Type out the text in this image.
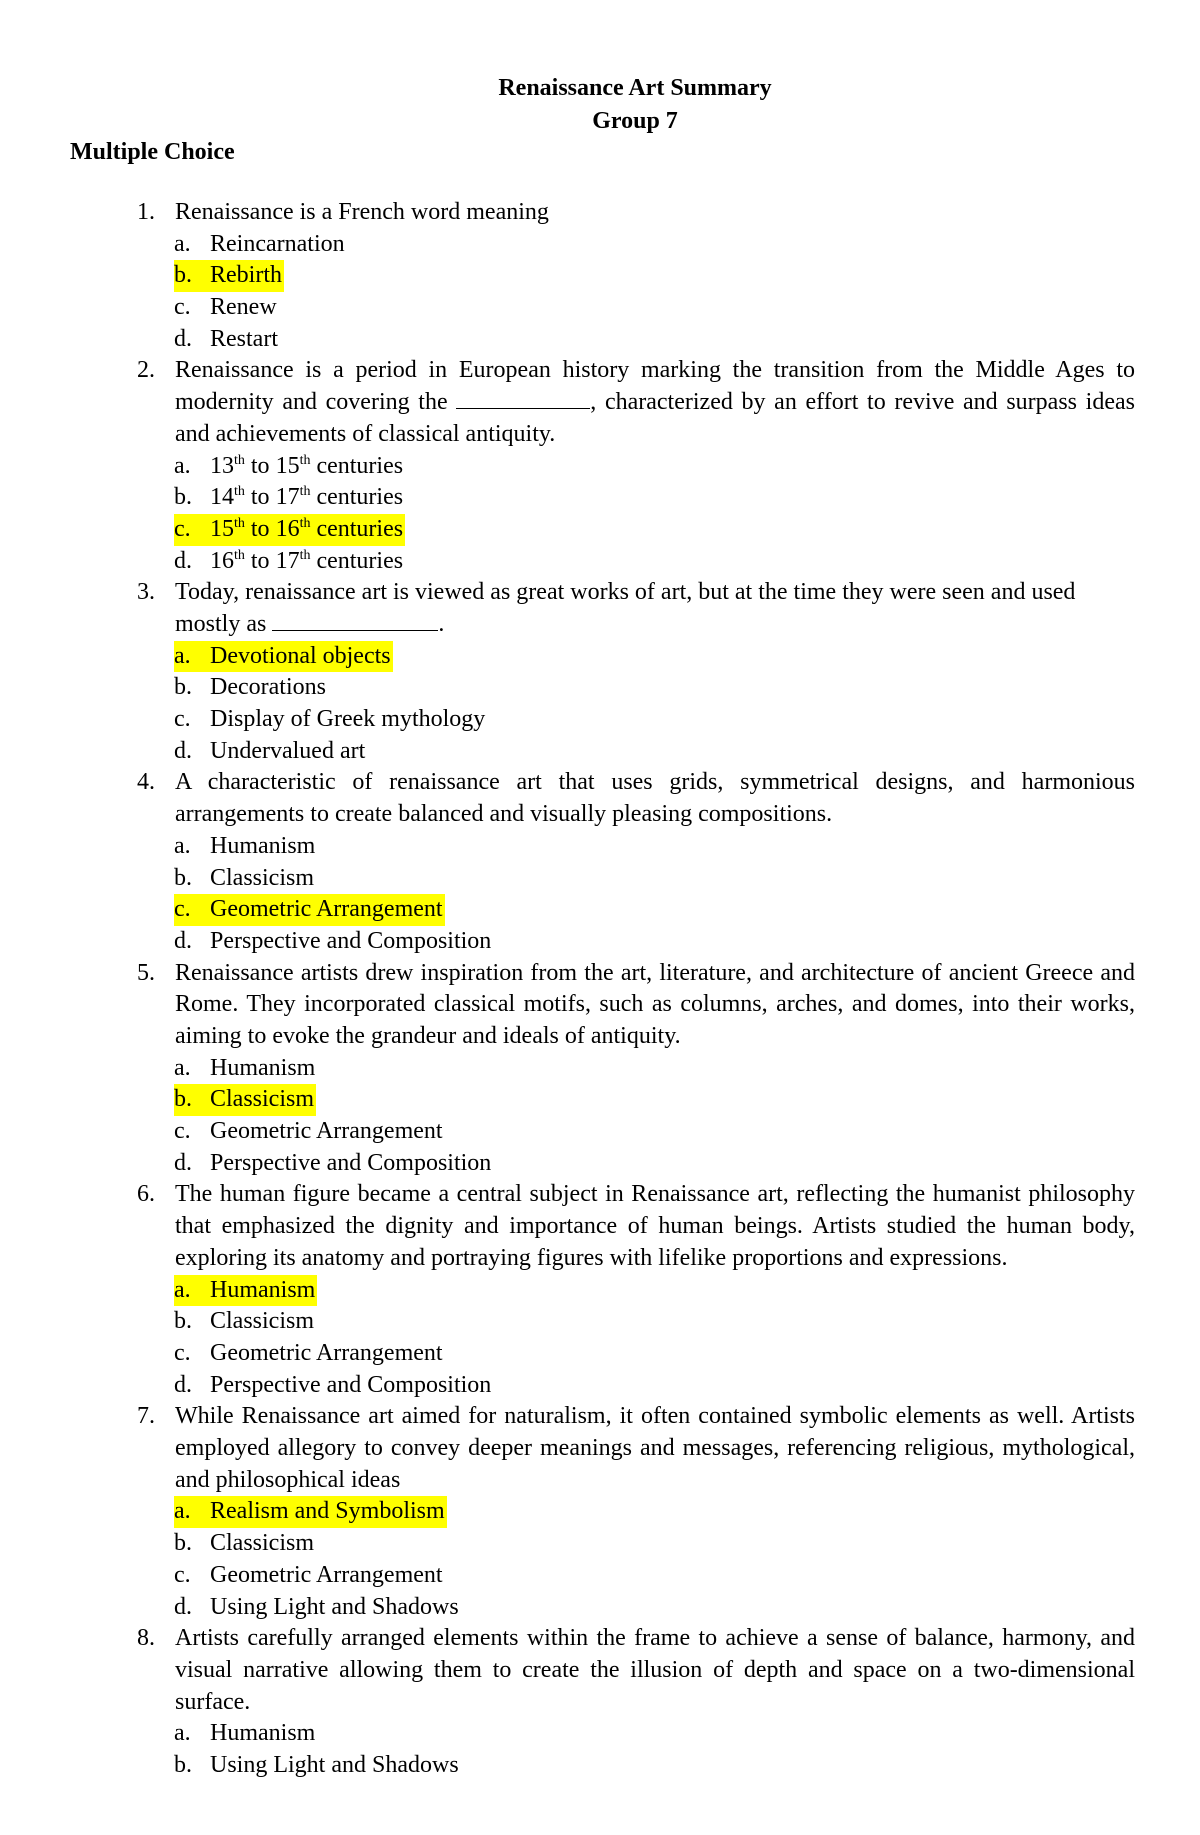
Renaissance Art Summary
Group 7
Multiple Choice
1. Renaissance is a French word meaning
a. Reincarnation
b. Rebirth
c. Renew
d. Restart
2. Renaissance is a period in European history marking the transition from the Middle Ages to modernity and covering the	, characterized by an effort to revive and surpass ideas and achievements of classical antiquity.
a. 13th to 15th centuries
b. 14th to 17th centuries
c. 15th to 16th centuries
d. 16th to 17th centuries
3. Today, renaissance art is viewed as great works of art, but at the time they were seen and used mostly as	.
a. Devotional objects
b. Decorations
c. Display of Greek mythology
d. Undervalued art
4. A characteristic of renaissance art that uses grids, symmetrical designs, and harmonious arrangements to create balanced and visually pleasing compositions.
a. Humanism
b. Classicism
c. Geometric Arrangement
d. Perspective and Composition
5. Renaissance artists drew inspiration from the art, literature, and architecture of ancient Greece and Rome. They incorporated classical motifs, such as columns, arches, and domes, into their works, aiming to evoke the grandeur and ideals of antiquity.
a. Humanism
b. Classicism
c. Geometric Arrangement
d. Perspective and Composition
6. The human figure became a central subject in Renaissance art, reflecting the humanist philosophy that emphasized the dignity and importance of human beings. Artists studied the human body, exploring its anatomy and portraying figures with lifelike proportions and expressions.
a. Humanism
b. Classicism
c. Geometric Arrangement
d. Perspective and Composition
7. While Renaissance art aimed for naturalism, it often contained symbolic elements as well. Artists employed allegory to convey deeper meanings and messages, referencing religious, mythological, and philosophical ideas
a. Realism and Symbolism
b. Classicism
c. Geometric Arrangement
d. Using Light and Shadows
8. Artists carefully arranged elements within the frame to achieve a sense of balance, harmony, and visual narrative allowing them to create the illusion of depth and space on a two-dimensional surface.
a. Humanism
b. Using Light and Shadows
